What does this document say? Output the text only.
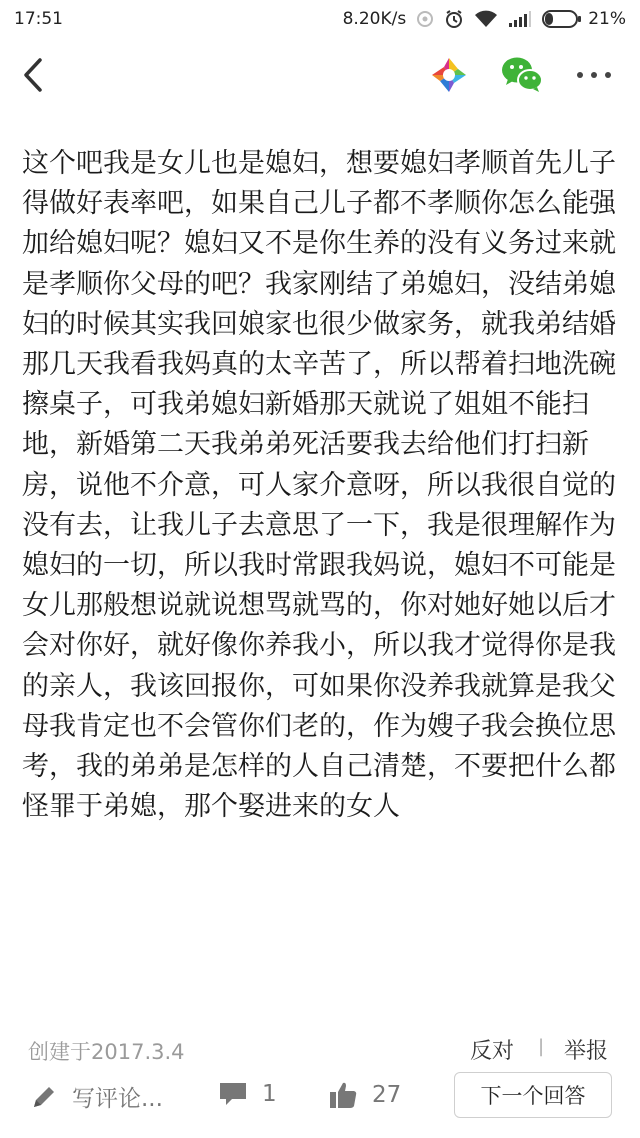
17:51	8.20K/s	21%

这个吧我是女儿也是媳妇，想要媳妇孝顺首先儿子得做好表率吧，如果自己儿子都不孝顺你怎么能强加给媳妇呢？媳妇又不是你生养的没有义务过来就是孝顺你父母的吧？我家刚结了弟媳妇，没结弟媳妇的时候其实我回娘家也很少做家务，就我弟结婚那几天我看我妈真的太辛苦了，所以帮着扫地洗碗擦桌子，可我弟媳妇新婚那天就说了姐姐不能扫地，新婚第二天我弟弟死活要我去给他们打扫新房，说他不介意，可人家介意呀，所以我很自觉的没有去，让我儿子去意思了一下，我是很理解作为媳妇的一切，所以我时常跟我妈说，媳妇不可能是女儿那般想说就说想骂就骂的，你对她好她以后才会对你好，就好像你养我小，所以我才觉得你是我的亲人，我该回报你，可如果你没养我就算是我父母我肯定也不会管你们老的，作为嫂子我会换位思考，我的弟弟是怎样的人自己清楚，不要把什么都怪罪于弟媳，那个娶进来的女人

创建于2017.3.4	反对 | 举报
写评论...	1	27	下一个回答
